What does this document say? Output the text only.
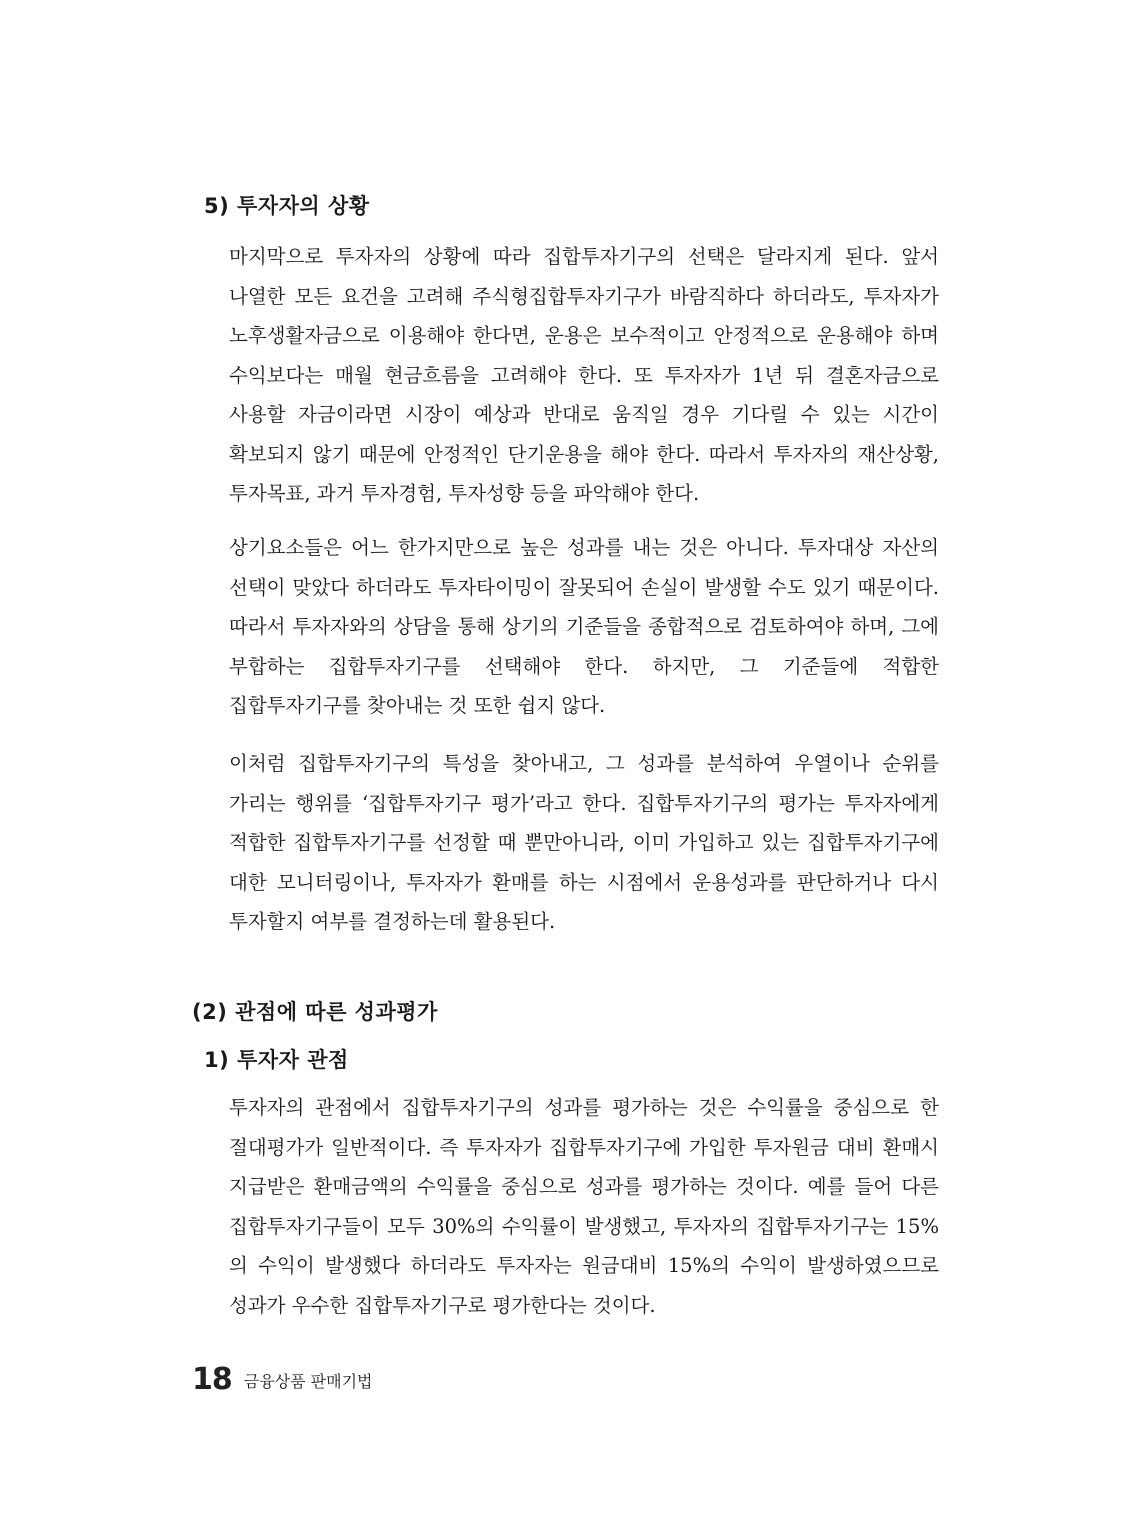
5) 투자자의 상황
마지막으로 투자자의 상황에 따라 집합투자기구의 선택은 달라지게 된다. 앞서 나열한 모든 요건을 고려해 주식형집합투자기구가 바람직하다 하더라도, 투자자가 노후생활자금으로 이용해야 한다면, 운용은 보수적이고 안정적으로 운용해야 하며 수익보다는 매월 현금흐름을 고려해야 한다. 또 투자자가 1년 뒤 결혼자금으로 사용할 자금이라면 시장이 예상과 반대로 움직일 경우 기다릴 수 있는 시간이 확보되지 않기 때문에 안정적인 단기운용을 해야 한다. 따라서 투자자의 재산상황, 투자목표, 과거 투자경험, 투자성향 등을 파악해야 한다.
상기요소들은 어느 한가지만으로 높은 성과를 내는 것은 아니다. 투자대상 자산의 선택이 맞았다 하더라도 투자타이밍이 잘못되어 손실이 발생할 수도 있기 때문이다. 따라서 투자자와의 상담을 통해 상기의 기준들을 종합적으로 검토하여야 하며, 그에 부합하는 집합투자기구를 선택해야 한다. 하지만, 그 기준들에 적합한 집합투자기구를 찾아내는 것 또한 쉽지 않다.
이처럼 집합투자기구의 특성을 찾아내고, 그 성과를 분석하여 우열이나 순위를 가리는 행위를 ‘집합투자기구 평가’라고 한다. 집합투자기구의 평가는 투자자에게 적합한 집합투자기구를 선정할 때 뿐만아니라, 이미 가입하고 있는 집합투자기구에 대한 모니터링이나, 투자자가 환매를 하는 시점에서 운용성과를 판단하거나 다시 투자할지 여부를 결정하는데 활용된다.
(2) 관점에 따른 성과평가
1) 투자자 관점
투자자의 관점에서 집합투자기구의 성과를 평가하는 것은 수익률을 중심으로 한 절대평가가 일반적이다. 즉 투자자가 집합투자기구에 가입한 투자원금 대비 환매시 지급받은 환매금액의 수익률을 중심으로 성과를 평가하는 것이다. 예를 들어 다른 집합투자기구들이 모두 30%의 수익률이 발생했고, 투자자의 집합투자기구는 15%의 수익이 발생했다 하더라도 투자자는 원금대비 15%의 수익이 발생하였으므로 성과가 우수한 집합투자기구로 평가한다는 것이다.
18 금융상품 판매기법
